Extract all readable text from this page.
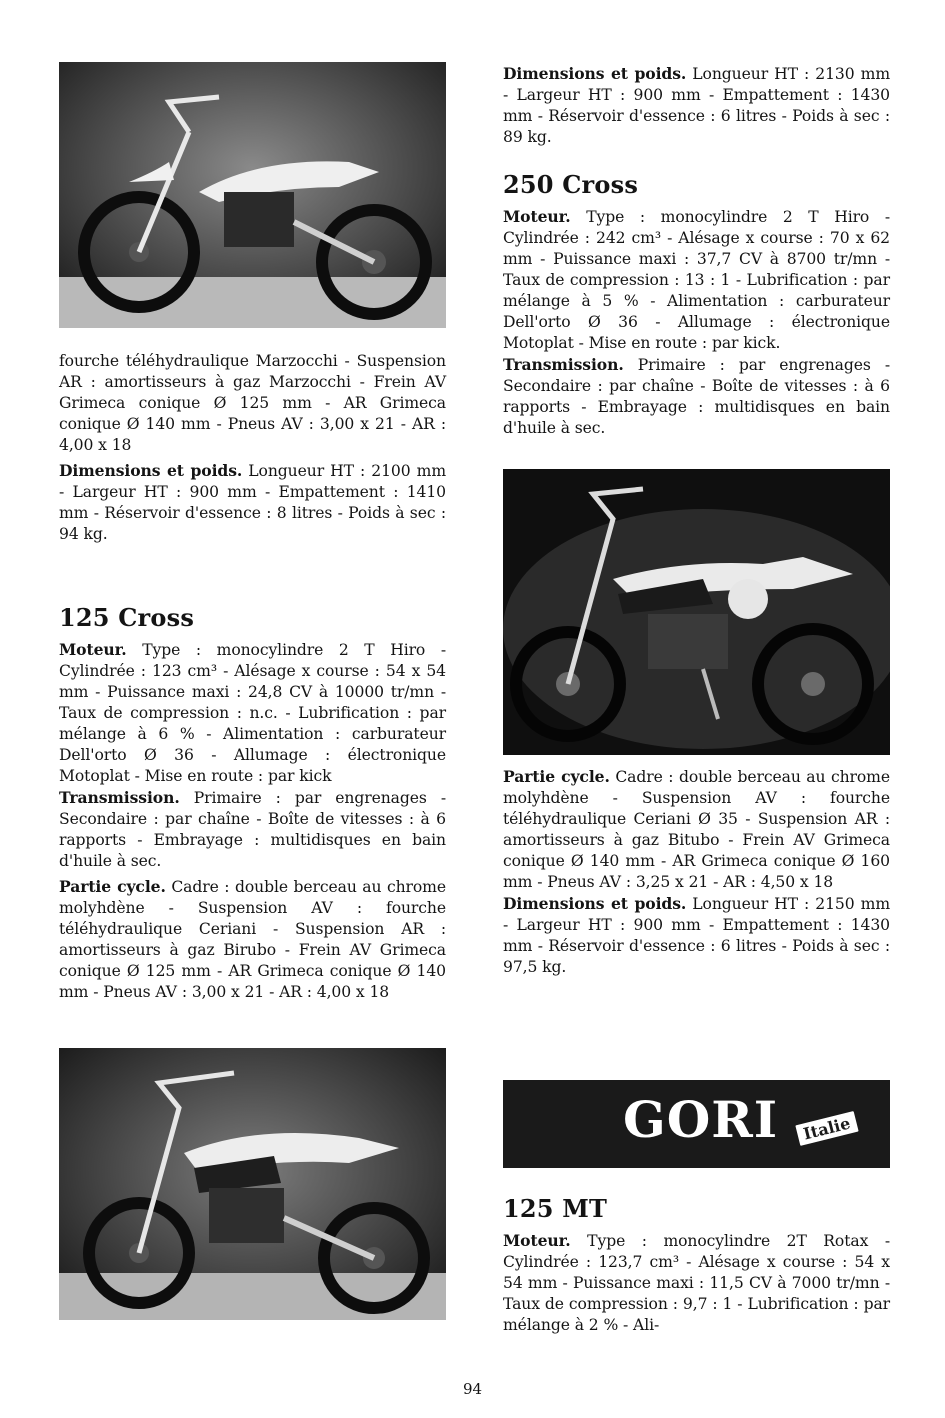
fourche téléhydraulique Marzocchi - Suspension AR : amortisseurs à gaz Marzocchi - Frein AV Grimeca conique Ø 125 mm - AR Grimeca conique Ø 140 mm - Pneus AV : 3,00 x 21 - AR : 4,00 x 18

Dimensions et poids. Longueur HT : 2100 mm - Largeur HT : 900 mm - Empattement : 1410 mm - Réservoir d'essence : 8 litres - Poids à sec : 94 kg.

125 Cross

Moteur. Type : monocylindre 2 T Hiro - Cylindrée : 123 cm³ - Alésage x course : 54 x 54 mm - Puissance maxi : 24,8 CV à 10000 tr/mn - Taux de compression : n.c. - Lubrification : par mélange à 6 % - Alimentation : carburateur Dell'orto Ø 36 - Allumage : électronique Motoplat - Mise en route : par kick

Transmission. Primaire : par engrenages - Secondaire : par chaîne - Boîte de vitesses : à 6 rapports - Embrayage : multidisques en bain d'huile à sec.

Partie cycle. Cadre : double berceau au chrome molyhdène - Suspension AV : fourche téléhydraulique Ceriani - Suspension AR : amortisseurs à gaz Birubo - Frein AV Grimeca conique Ø 125 mm - AR Grimeca conique Ø 140 mm - Pneus AV : 3,00 x 21 - AR : 4,00 x 18

Dimensions et poids. Longueur HT : 2130 mm - Largeur HT : 900 mm - Empattement : 1430 mm - Réservoir d'essence : 6 litres - Poids à sec : 89 kg.

250 Cross

Moteur. Type : monocylindre 2 T Hiro - Cylindrée : 242 cm³ - Alésage x course : 70 x 62 mm - Puissance maxi : 37,7 CV à 8700 tr/mn - Taux de compression : 13 : 1 - Lubrification : par mélange à 5 % - Alimentation : carburateur Dell'orto Ø 36 - Allumage : électronique Motoplat - Mise en route : par kick.

Transmission. Primaire : par engrenages - Secondaire : par chaîne - Boîte de vitesses : à 6 rapports - Embrayage : multidisques en bain d'huile à sec.

Partie cycle. Cadre : double berceau au chrome molyhdène - Suspension AV : fourche téléhydraulique Ceriani Ø 35 - Suspension AR : amortisseurs à gaz Bitubo - Frein AV Grimeca conique Ø 140 mm - AR Grimeca conique Ø 160 mm - Pneus AV : 3,25 x 21 - AR : 4,50 x 18

Dimensions et poids. Longueur HT : 2150 mm - Largeur HT : 900 mm - Empattement : 1430 mm - Réservoir d'essence : 6 litres - Poids à sec : 97,5 kg.

GORI	Italie
125 MT

Moteur. Type : monocylindre 2T Rotax - Cylindrée : 123,7 cm³ - Alésage x course : 54 x 54 mm - Puissance maxi : 11,5 CV à 7000 tr/mn - Taux de compression : 9,7 : 1 - Lubrification : par mélange à 2 % - Ali-

94
